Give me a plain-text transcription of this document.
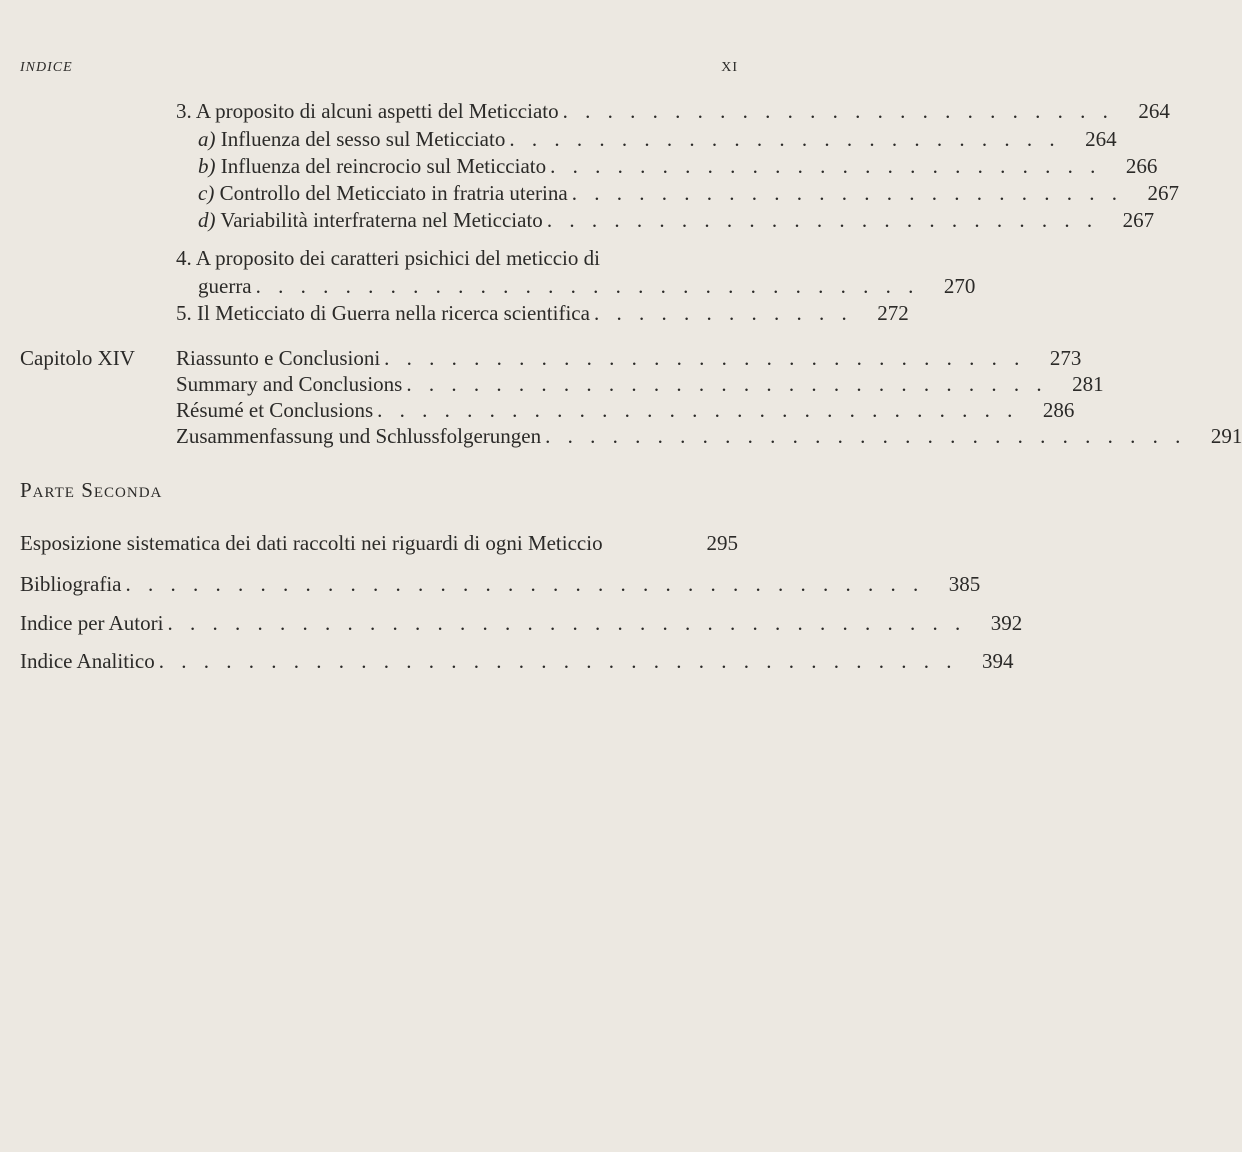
INDICE	XI
3. A proposito di alcuni aspetti del Meticciato . . . . . . . . . . . . . . . . . . . . . . . . .	264
a) Influenza del sesso sul Meticciato . . . . . . . . . . . . . . . . . . . . . . . . .	264
b) Influenza del reincrocio sul Meticciato . . . . . . . . . . . . . . . . . . . . . . . . .	266
c) Controllo del Meticciato in fratria uterina . . . . . . . . . . . . . . . . . . . . . . . . .	267
d) Variabilità interfraterna nel Meticciato . . . . . . . . . . . . . . . . . . . . . . . . .	267
4. A proposito dei caratteri psichici del meticcio di
guerra . . . . . . . . . . . . . . . . . . . . . . . . . . . . . .	270
5. Il Meticciato di Guerra nella ricerca scientifica . . . . . . . . . . . .	272
Capitolo XIV Riassunto e Conclusioni . . . . . . . . . . . . . . . . . . . . . . . . . . . . .	273
Summary and Conclusions . . . . . . . . . . . . . . . . . . . . . . . . . . . . .	281
Résumé et Conclusions . . . . . . . . . . . . . . . . . . . . . . . . . . . . .	286
Zusammenfassung und Schlussfolgerungen . . . . . . . . . . . . . . . . . . . . . . . . . . . . .	291
Parte Seconda
Esposizione sistematica dei dati raccolti nei riguardi di ogni Meticcio	295
Bibliografia . . . . . . . . . . . . . . . . . . . . . . . . . . . . . . . . . . . .	385
Indice per Autori . . . . . . . . . . . . . . . . . . . . . . . . . . . . . . . . . . . .	392
Indice Analitico . . . . . . . . . . . . . . . . . . . . . . . . . . . . . . . . . . . .	394
